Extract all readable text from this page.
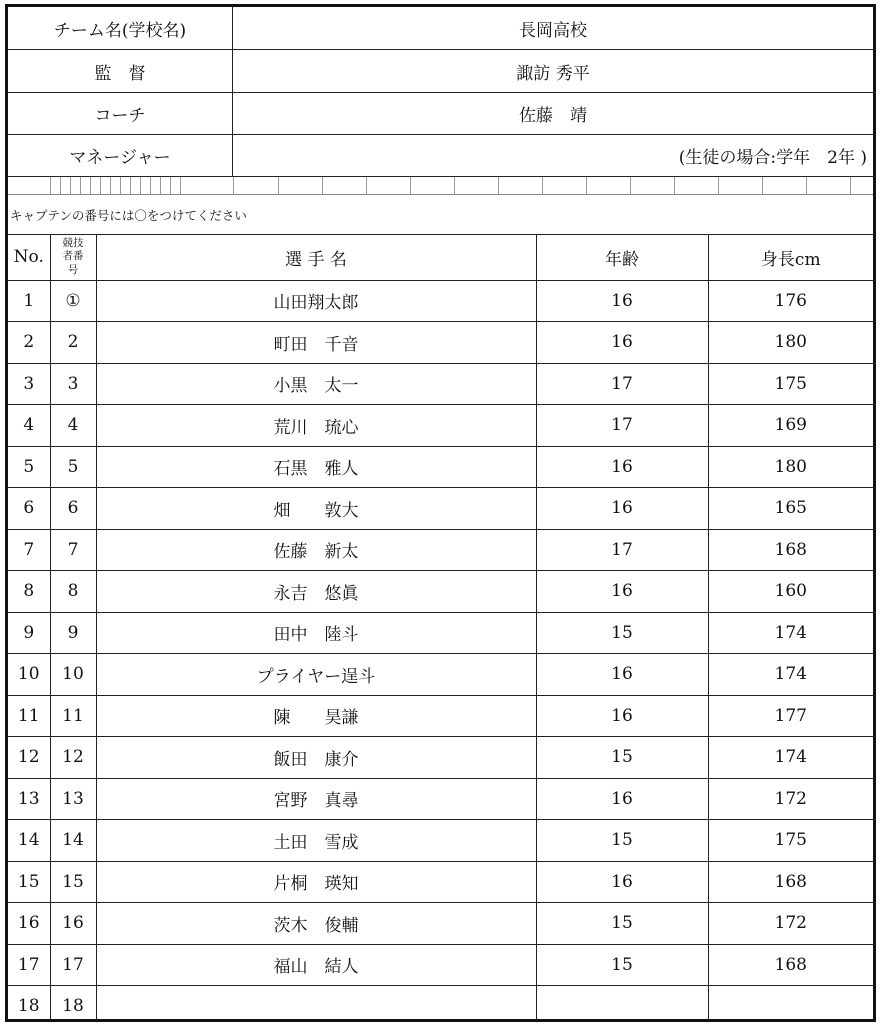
チーム名(学校名)	長岡高校
監　督	諏訪 秀平
コーチ	佐藤　靖
マネージャー	(生徒の場合:学年　2年 )
キャプテンの番号には〇をつけてください
No.	競技者番号	選 手 名	年齢	身長cm
1	①	山田翔太郎	16	176
2	2	町田　千音	16	180
3	3	小黒　太一	17	175
4	4	荒川　琉心	17	169
5	5	石黒　雅人	16	180
6	6	畑　　敦大	16	165
7	7	佐藤　新太	17	168
8	8	永吉　悠眞	16	160
9	9	田中　陸斗	15	174
10	10	プライヤー逞斗	16	174
11	11	陳　　昊謙	16	177
12	12	飯田　康介	15	174
13	13	宮野　真尋	16	172
14	14	土田　雪成	15	175
15	15	片桐　瑛知	16	168
16	16	茨木　俊輔	15	172
17	17	福山　結人	15	168
18	18			
